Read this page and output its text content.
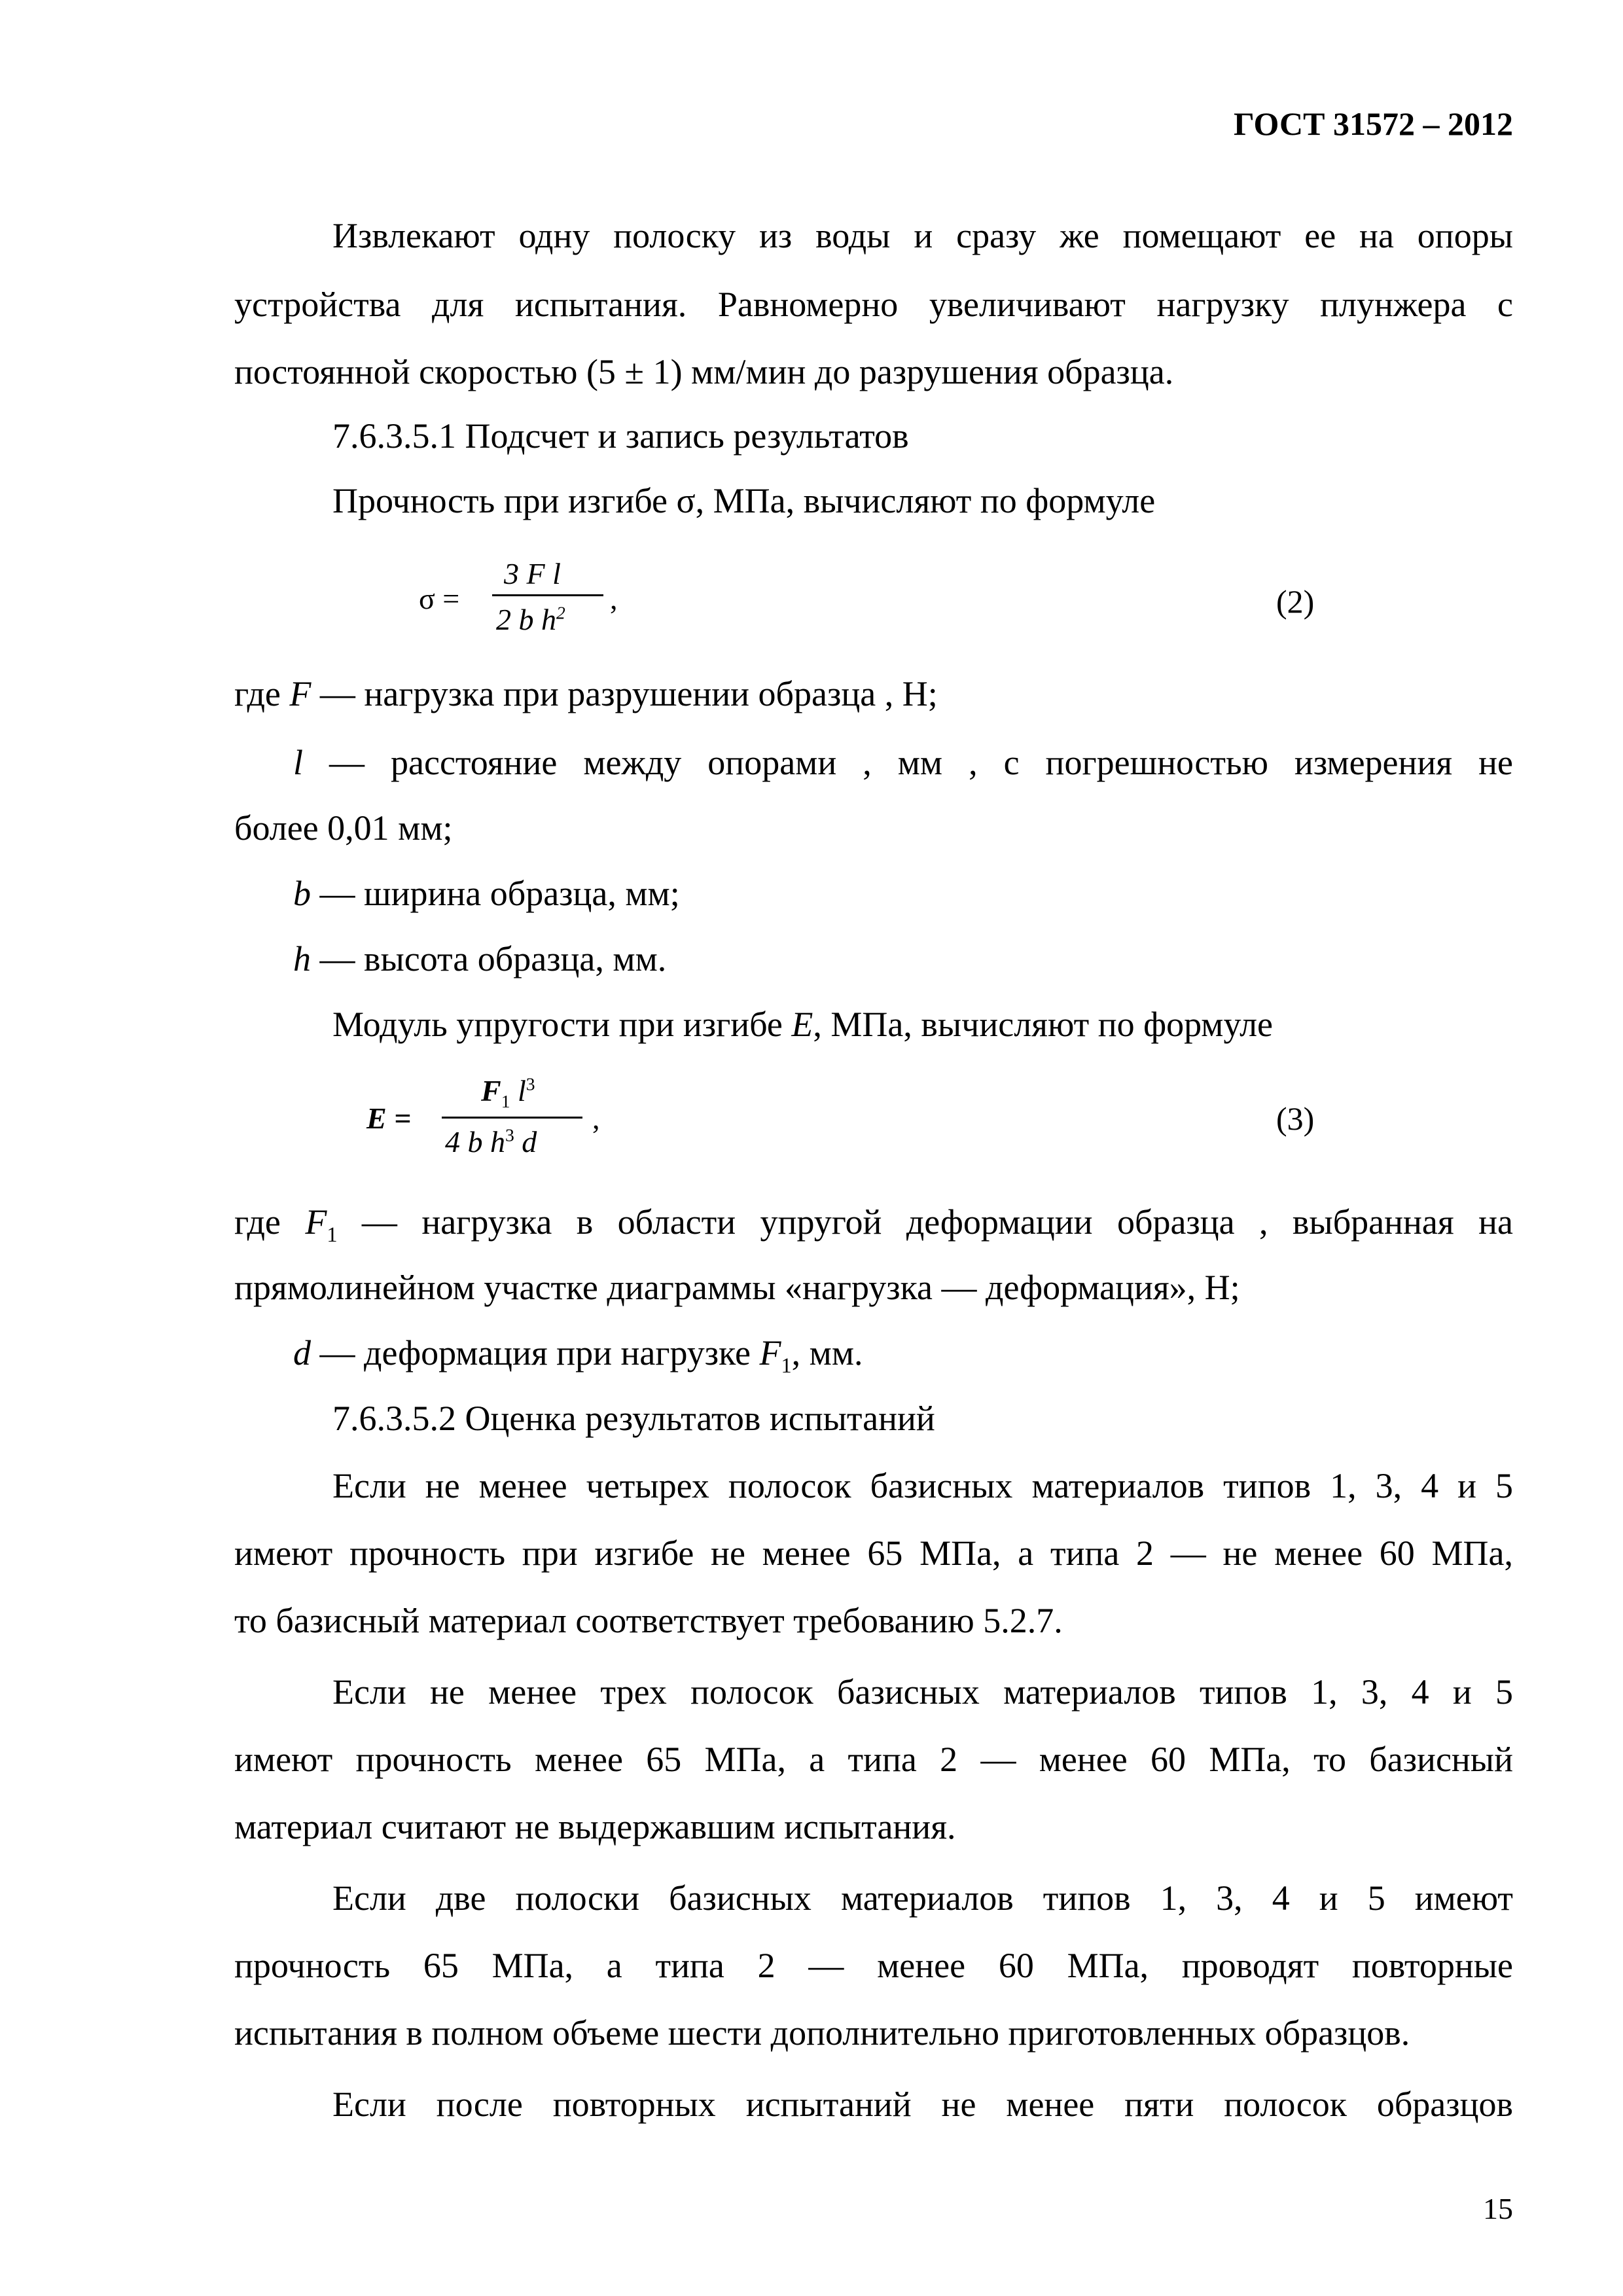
ГОСТ 31572 – 2012
Извлекают одну полоску из воды и сразу же помещают ее на опоры
устройства для испытания. Равномерно увеличивают нагрузку плунжера с
постоянной скоростью (5 ± 1) мм/мин до разрушения образца.
7.6.3.5.1 Подсчет и запись результатов
Прочность при изгибе σ, МПа, вычисляют по формуле
σ =
3 F l
2 b $h^2$ ,	(2)
где F — нагрузка при разрушении образца , Н;
l — расстояние между опорами , мм , с погрешностью измерения не
более 0,01 мм;
b — ширина образца, мм;
h — высота образца, мм.
Модуль упругости при изгибе E, МПа, вычисляют по формуле
E =
$F_1$ $l^3$
4 b $h^3$ d
,	(3)
где $F_1$ — нагрузка в области упругой деформации образца , выбранная на
прямолинейном участке диаграммы «нагрузка — деформация», Н;
d — деформация при нагрузке $F_1$, мм.
7.6.3.5.2 Оценка результатов испытаний
Если не менее четырех полосок базисных материалов типов 1, 3, 4 и 5
имеют прочность при изгибе не менее 65 МПа, а типа 2 — не менее 60 МПа,
то базисный материал соответствует требованию 5.2.7.
Если не менее трех полосок базисных материалов типов 1, 3, 4 и 5
имеют прочность менее 65 МПа, а типа 2 — менее 60 МПа, то базисный
материал считают не выдержавшим испытания.
Если две полоски базисных материалов типов 1, 3, 4 и 5 имеют
прочность 65 МПа, а типа 2 — менее 60 МПа, проводят повторные
испытания в полном объеме шести дополнительно приготовленных образцов.
Если после повторных испытаний не менее пяти полосок образцов
15
